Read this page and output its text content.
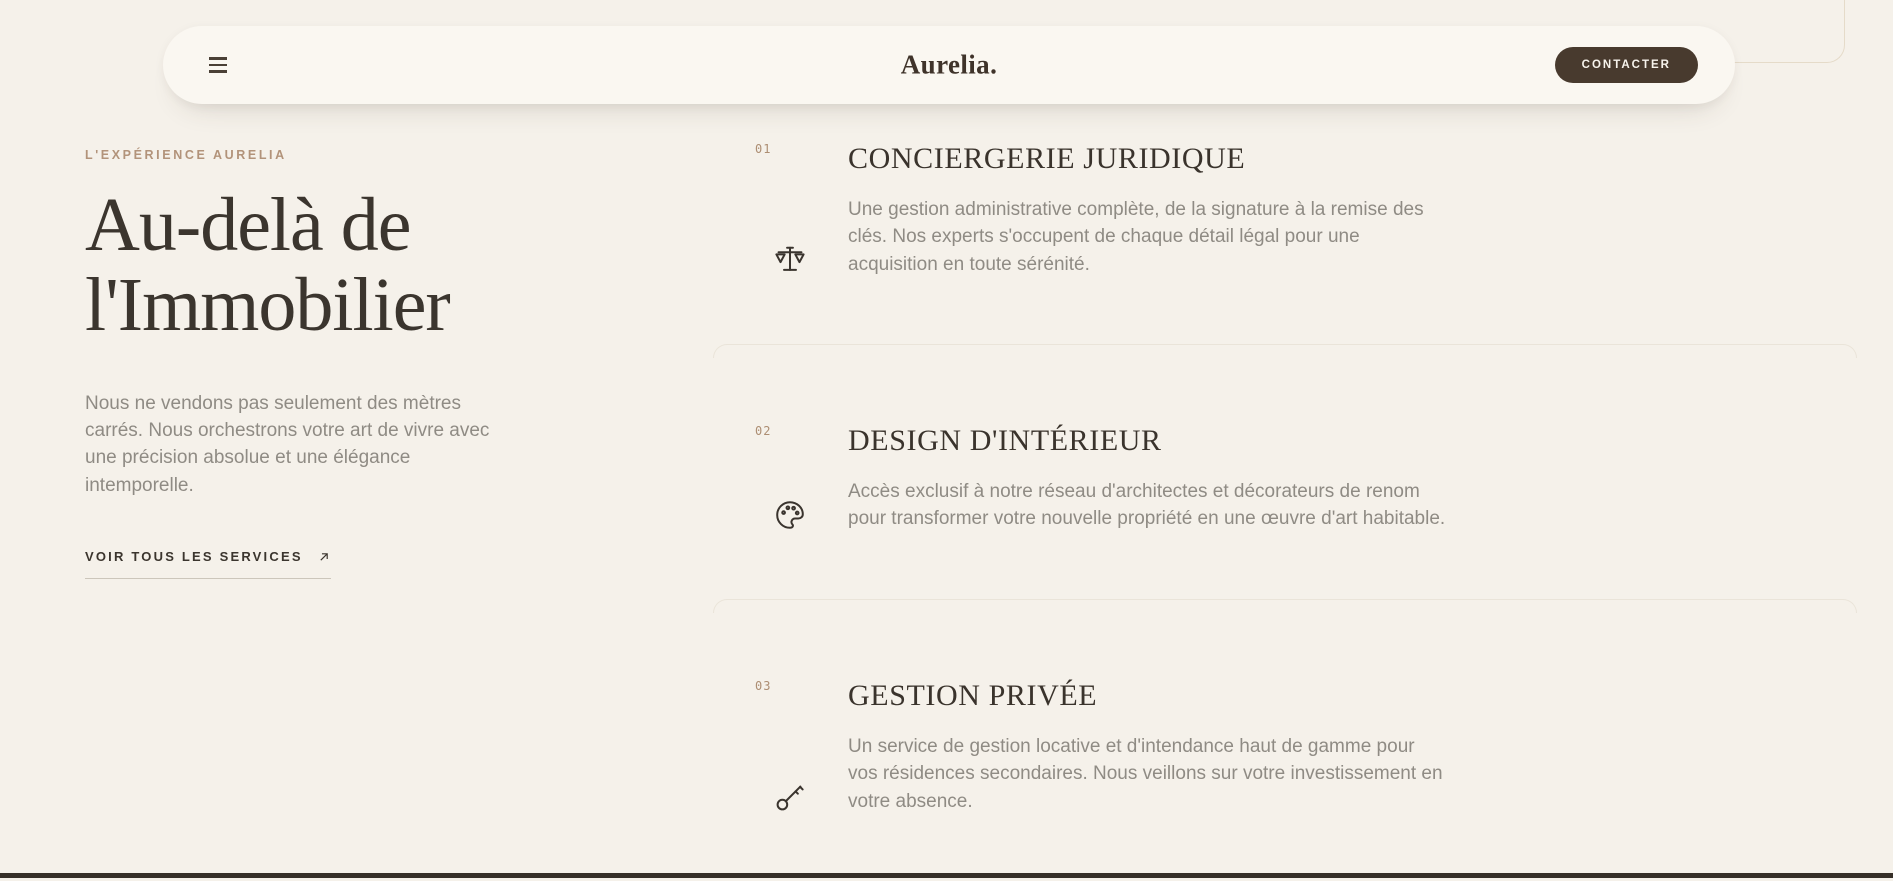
Aurelia.	CONTACTER
L'EXPÉRIENCE AURELIA
Au-delà de
l'Immobilier

Nous ne vendons pas seulement des mètres carrés. Nous orchestrons votre art de vivre avec une précision absolue et une élégance intemporelle.

VOIR TOUS LES SERVICES
01	CONCIERGERIE JURIDIQUE

Une gestion administrative complète, de la signature à la remise des clés. Nos experts s'occupent de chaque détail légal pour une acquisition en toute sérénité.

02	DESIGN D'INTÉRIEUR

Accès exclusif à notre réseau d'architectes et décorateurs de renom pour transformer votre nouvelle propriété en une œuvre d'art habitable.

03	GESTION PRIVÉE

Un service de gestion locative et d'intendance haut de gamme pour vos résidences secondaires. Nous veillons sur votre investissement en votre absence.
